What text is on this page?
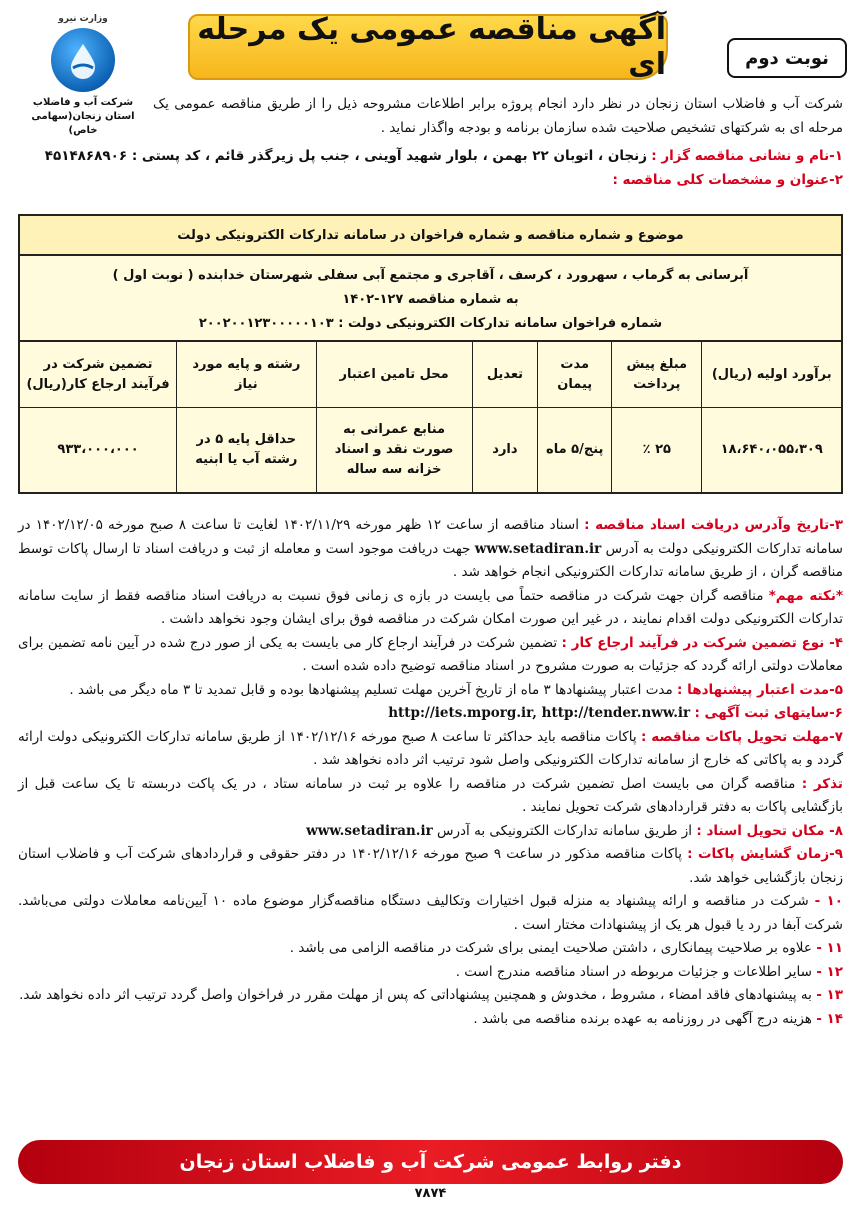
آگهی مناقصه عمومی یک مرحله ای	نوبت دوم
وزارت نیرو
شرکت آب و فاضلاب
استان زنجان(سهامی خاص)
شرکت آب و فاضلاب استان زنجان در نظر دارد انجام پروژه برابر اطلاعات مشروحه ذیل را از طریق مناقصه عمومی یک مرحله ای به شرکتهای تشخیص صلاحیت شده سازمان برنامه و بودجه واگذار نماید .
۱-نام و نشانی مناقصه گزار : زنجان ، اتوبان ۲۲ بهمن ، بلوار شهید آوینی ، جنب پل زیرگذر قائم ، کد پستی : ۴۵۱۴۸۶۸۹۰۶
۲-عنوان و مشخصات کلی مناقصه :
موضوع و شماره مناقصه و شماره فراخوان در سامانه تدارکات الکترونیکی دولت
آبرسانی به گرماب ، سهرورد ، کرسف ، آقاجری و مجتمع آبی سفلی شهرستان خدابنده ( نوبت اول )
به شماره مناقصه ۱۲۷-۱۴۰۲
شماره فراخوان سامانه تدارکات الکترونیکی دولت : ۲۰۰۲۰۰۱۲۳۰۰۰۰۰۱۰۳
برآورد اولیه (ریال)
۱۸،۶۴۰،۰۵۵،۳۰۹
مبلغ پیش پرداخت
۲۵ ٪
مدت پیمان
پنج/۵ ماه
تعدیل
دارد
محل تامین اعتبار
منابع عمرانی به صورت نقد و اسناد خزانه سه ساله
رشته و پایه مورد نیاز
حداقل پایه ۵ در رشته آب یا ابنیه
تضمین شرکت در فرآیند ارجاع کار(ریال)
۹۳۳،۰۰۰،۰۰۰

۳-تاریخ وآدرس دریافت اسناد مناقصه : اسناد مناقصه از ساعت ۱۲ ظهر مورخه ۱۴۰۲/۱۱/۲۹ لغایت تا ساعت ۸ صبح مورخه ۱۴۰۲/۱۲/۰۵ در سامانه تدارکات الکترونیکی دولت به آدرس www.setadiran.ir جهت دریافت موجود است و معامله از ثبت و دریافت اسناد تا ارسال پاکات توسط مناقصه گران ، از طریق سامانه تدارکات الکترونیکی انجام خواهد شد .

*نکته مهم* مناقصه گران جهت شرکت در مناقصه حتماً می بایست در بازه ی زمانی فوق نسبت به دریافت اسناد مناقصه فقط از سایت سامانه تدارکات الکترونیکی دولت اقدام نمایند ، در غیر این صورت امکان شرکت در مناقصه فوق برای ایشان وجود نخواهد داشت .

۴- نوع تضمین شرکت در فرآیند ارجاع کار : تضمین شرکت در فرآیند ارجاع کار می بایست به یکی از صور درج شده در آیین نامه تضمین برای معاملات دولتی ارائه گردد که جزئیات به صورت مشروح در اسناد مناقصه توضیح داده شده است .

۵-مدت اعتبار پیشنهادها : مدت اعتبار پیشنهادها ۳ ماه از تاریخ آخرین مهلت تسلیم پیشنهادها بوده و قابل تمدید تا ۳ ماه دیگر می باشد .

۶-سایتهای ثبت آگهی : http://iets.mporg.ir, http://tender.nww.ir

۷-مهلت تحویل پاکات مناقصه : پاکات مناقصه باید حداکثر تا ساعت ۸ صبح مورخه ۱۴۰۲/۱۲/۱۶ از طریق سامانه تدارکات الکترونیکی دولت ارائه گردد و به پاکاتی که خارج از سامانه تدارکات الکترونیکی واصل شود ترتیب اثر داده نخواهد شد .

تذکر : مناقصه گران می بایست اصل تضمین شرکت در مناقصه را علاوه بر ثبت در سامانه ستاد ، در یک پاکت دربسته تا یک ساعت قبل از بازگشایی پاکات به دفتر قراردادهای شرکت تحویل نمایند .

۸- مکان تحویل اسناد : از طریق سامانه تدارکات الکترونیکی به آدرس www.setadiran.ir

۹-زمان گشایش پاکات : پاکات مناقصه مذکور در ساعت ۹ صبح مورخه ۱۴۰۲/۱۲/۱۶ در دفتر حقوقی و قراردادهای شرکت آب و فاضلاب استان زنجان بازگشایی خواهد شد.

۱۰ - شرکت در مناقصه و ارائه پیشنهاد به منزله قبول اختیارات وتکالیف دستگاه مناقصه‌گزار موضوع ماده ۱۰ آیین‌نامه معاملات دولتی می‌باشد. شرکت آبفا در رد یا قبول هر یک از پیشنهادات مختار است .

۱۱ - علاوه بر صلاحیت پیمانکاری ، داشتن صلاحیت ایمنی برای شرکت در مناقصه الزامی می باشد .

۱۲ - سایر اطلاعات و جزئیات مربوطه در اسناد مناقصه مندرج است .

۱۳ - به پیشنهادهای فاقد امضاء ، مشروط ، مخدوش و همچنین پیشنهاداتی که پس از مهلت مقرر در فراخوان واصل گردد ترتیب اثر داده نخواهد شد.

۱۴ - هزینه درج آگهی در روزنامه به عهده برنده مناقصه می باشد .

دفتر روابط عمومی شرکت آب و فاضلاب استان زنجان
۷۸۷۴
